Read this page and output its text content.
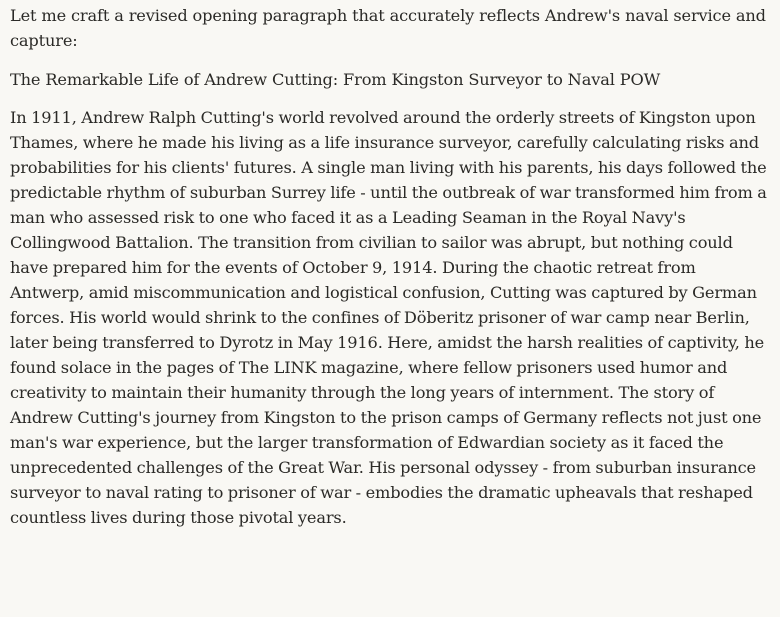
Let me craft a revised opening paragraph that accurately reflects Andrew's naval service and capture:

The Remarkable Life of Andrew Cutting: From Kingston Surveyor to Naval POW

In 1911, Andrew Ralph Cutting's world revolved around the orderly streets of Kingston upon Thames, where he made his living as a life insurance surveyor, carefully calculating risks and probabilities for his clients' futures. A single man living with his parents, his days followed the predictable rhythm of suburban Surrey life - until the outbreak of war transformed him from a man who assessed risk to one who faced it as a Leading Seaman in the Royal Navy's Collingwood Battalion. The transition from civilian to sailor was abrupt, but nothing could have prepared him for the events of October 9, 1914. During the chaotic retreat from Antwerp, amid miscommunication and logistical confusion, Cutting was captured by German forces. His world would shrink to the confines of Döberitz prisoner of war camp near Berlin, later being transferred to Dyrotz in May 1916. Here, amidst the harsh realities of captivity, he found solace in the pages of The LINK magazine, where fellow prisoners used humor and creativity to maintain their humanity through the long years of internment. The story of Andrew Cutting's journey from Kingston to the prison camps of Germany reflects not just one man's war experience, but the larger transformation of Edwardian society as it faced the unprecedented challenges of the Great War. His personal odyssey - from suburban insurance surveyor to naval rating to prisoner of war - embodies the dramatic upheavals that reshaped countless lives during those pivotal years.
